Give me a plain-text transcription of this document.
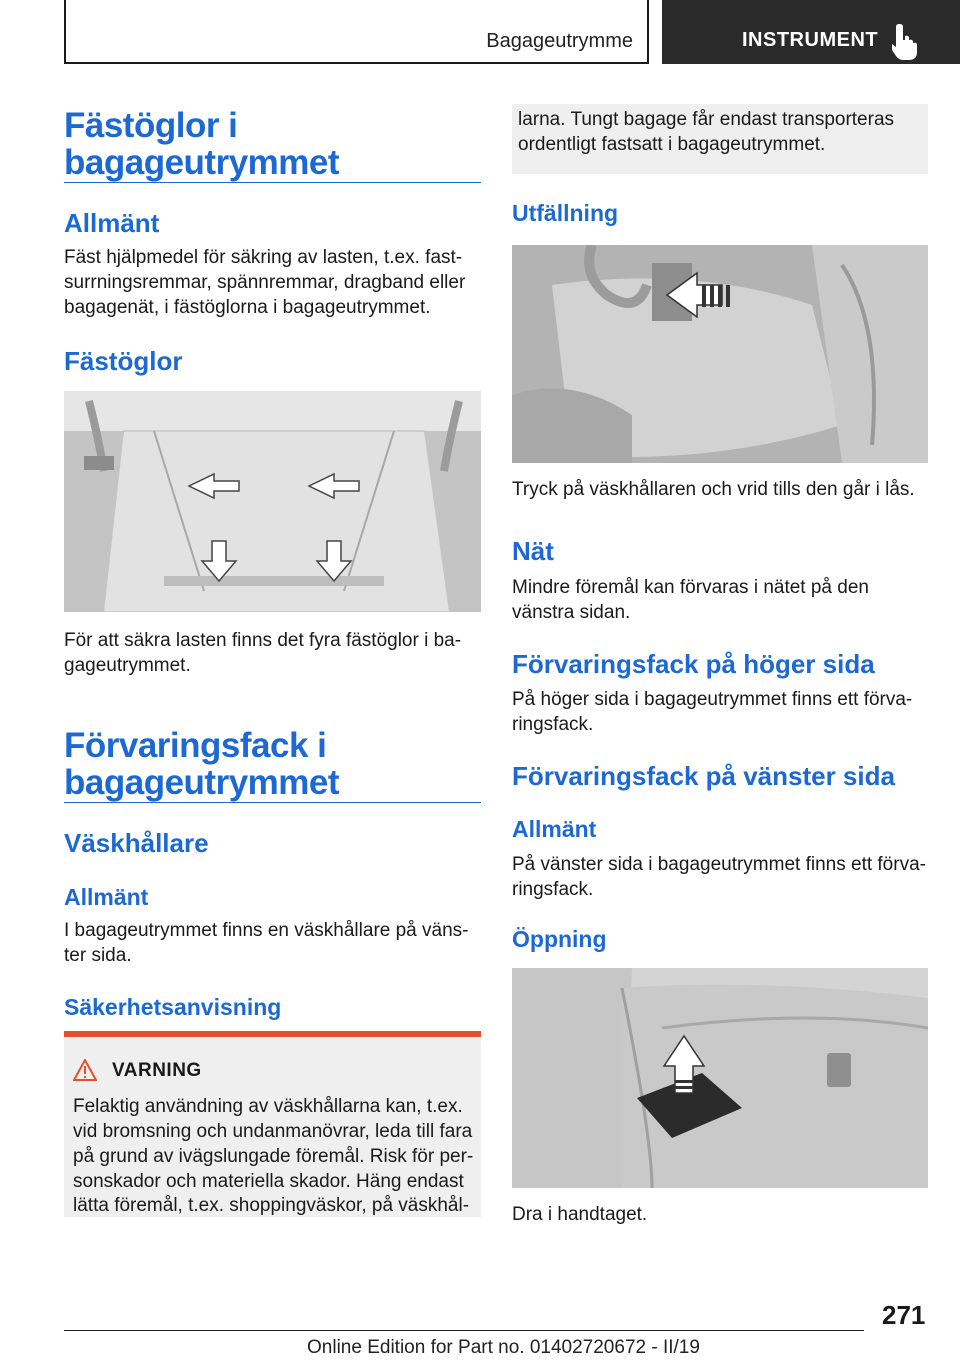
Bagageutrymme	INSTRUMENT
Fästöglor i
bagageutrymmet
Allmänt
Fäst hjälpmedel för säkring av lasten, t.ex. fast‐
surrningsremmar, spännremmar, dragband eller
bagagenät, i fästöglorna i bagageutrymmet.
Fästöglor
För att säkra lasten finns det fyra fästöglor i ba‐
gageutrymmet.
Förvaringsfack i
bagageutrymmet
Väskhållare
Allmänt
I bagageutrymmet finns en väskhållare på väns‐
ter sida.
Säkerhetsanvisning
VARNING
Felaktig användning av väskhållarna kan, t.ex.
vid bromsning och undanmanövrar, leda till fara
på grund av ivägslungade föremål. Risk för per‐
sonskador och materiella skador. Häng endast
lätta föremål, t.ex. shoppingväskor, på väskhål‐
larna. Tungt bagage får endast transporteras
ordentligt fastsatt i bagageutrymmet.
Utfällning
Tryck på väskhållaren och vrid tills den går i lås.
Nät
Mindre föremål kan förvaras i nätet på den
vänstra sidan.
Förvaringsfack på höger sida
På höger sida i bagageutrymmet finns ett förva‐
ringsfack.
Förvaringsfack på vänster sida
Allmänt
På vänster sida i bagageutrymmet finns ett förva‐
ringsfack.
Öppning
Dra i handtaget.
271
Online Edition for Part no. 01402720672 - II/19
